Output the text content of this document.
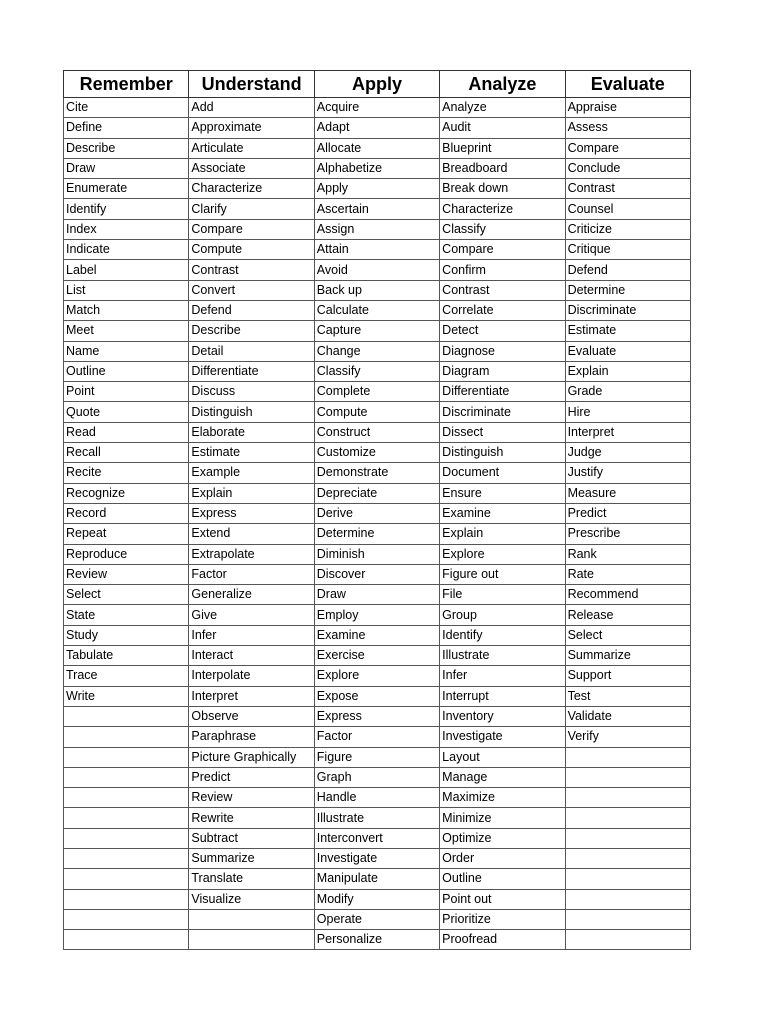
Remember	Understand	Apply	Analyze	Evaluate
Cite	Add	Acquire	Analyze	Appraise
Define	Approximate	Adapt	Audit	Assess
Describe	Articulate	Allocate	Blueprint	Compare
Draw	Associate	Alphabetize	Breadboard	Conclude
Enumerate	Characterize	Apply	Break down	Contrast
Identify	Clarify	Ascertain	Characterize	Counsel
Index	Compare	Assign	Classify	Criticize
Indicate	Compute	Attain	Compare	Critique
Label	Contrast	Avoid	Confirm	Defend
List	Convert	Back up	Contrast	Determine
Match	Defend	Calculate	Correlate	Discriminate
Meet	Describe	Capture	Detect	Estimate
Name	Detail	Change	Diagnose	Evaluate
Outline	Differentiate	Classify	Diagram	Explain
Point	Discuss	Complete	Differentiate	Grade
Quote	Distinguish	Compute	Discriminate	Hire
Read	Elaborate	Construct	Dissect	Interpret
Recall	Estimate	Customize	Distinguish	Judge
Recite	Example	Demonstrate	Document	Justify
Recognize	Explain	Depreciate	Ensure	Measure
Record	Express	Derive	Examine	Predict
Repeat	Extend	Determine	Explain	Prescribe
Reproduce	Extrapolate	Diminish	Explore	Rank
Review	Factor	Discover	Figure out	Rate
Select	Generalize	Draw	File	Recommend
State	Give	Employ	Group	Release
Study	Infer	Examine	Identify	Select
Tabulate	Interact	Exercise	Illustrate	Summarize
Trace	Interpolate	Explore	Infer	Support
Write	Interpret	Expose	Interrupt	Test
	Observe	Express	Inventory	Validate
	Paraphrase	Factor	Investigate	Verify
	Picture Graphically	Figure	Layout	
	Predict	Graph	Manage	
	Review	Handle	Maximize	
	Rewrite	Illustrate	Minimize	
	Subtract	Interconvert	Optimize	
	Summarize	Investigate	Order	
	Translate	Manipulate	Outline	
	Visualize	Modify	Point out	
		Operate	Prioritize	
		Personalize	Proofread	
